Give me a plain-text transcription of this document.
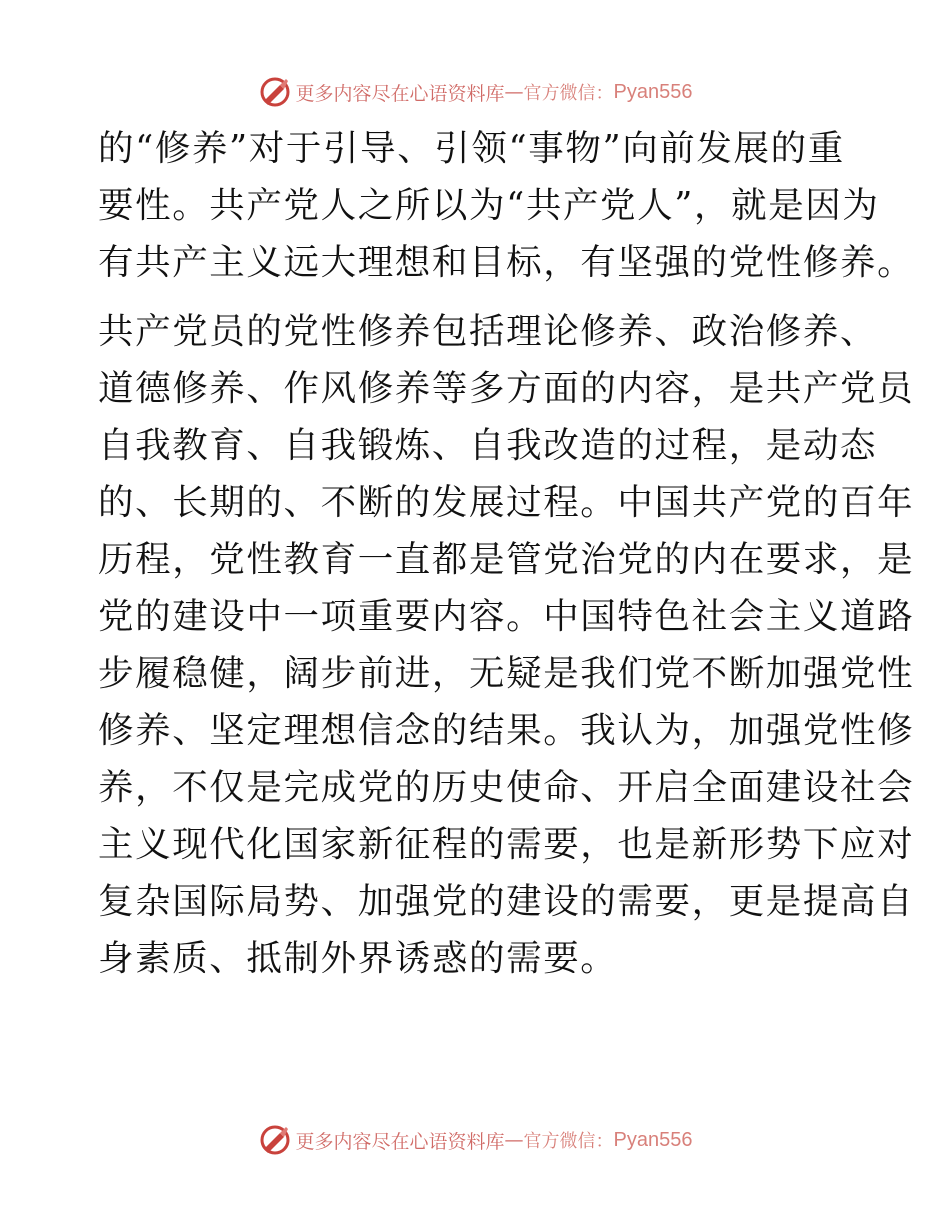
更多内容尽在心语资料库 — 官方微信： Pyan556
的“修养”对于引导、引领“事物”向前发展的重
要性。共产党人之所以为“共产党人”，就是因为
有共产主义远大理想和目标，有坚强的党性修养。
共产党员的党性修养包括理论修养、政治修养、
道德修养、作风修养等多方面的内容，是共产党员
自我教育、自我锻炼、自我改造的过程，是动态
的、长期的、不断的发展过程。中国共产党的百年
历程，党性教育一直都是管党治党的内在要求，是
党的建设中一项重要内容。中国特色社会主义道路
步履稳健，阔步前进，无疑是我们党不断加强党性
修养、坚定理想信念的结果。我认为，加强党性修
养，不仅是完成党的历史使命、开启全面建设社会
主义现代化国家新征程的需要，也是新形势下应对
复杂国际局势、加强党的建设的需要，更是提高自
身素质、抵制外界诱惑的需要。
更多内容尽在心语资料库 — 官方微信： Pyan556
